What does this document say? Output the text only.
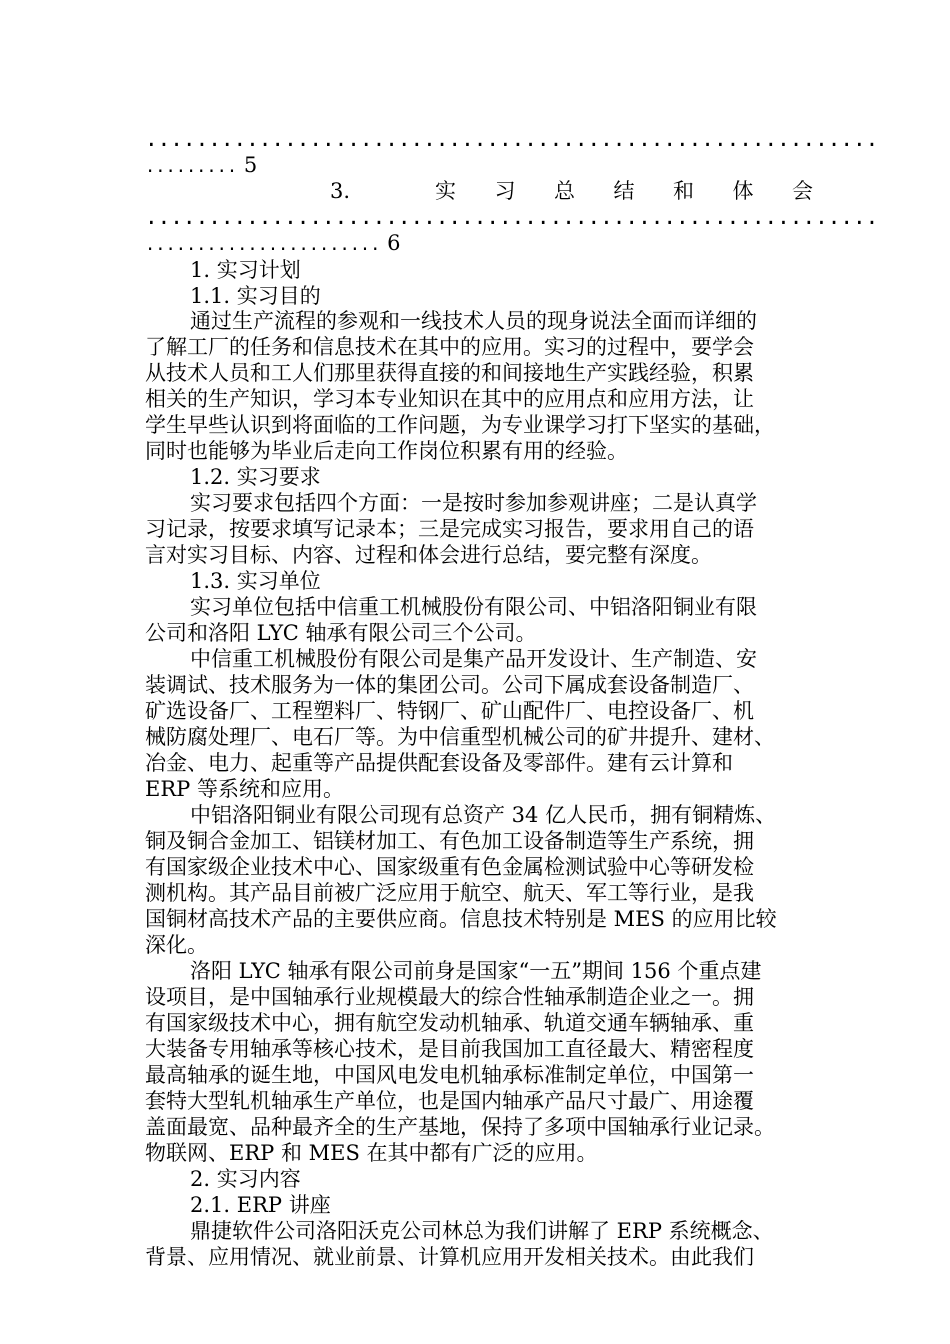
..........................................................
......... 5
3.	实 习 总 结 和 体 会
..........................................................
....................... 6
1. 实习计划
1.1. 实习目的
通过生产流程的参观和一线技术人员的现身说法全面而详细的
了解工厂的任务和信息技术在其中的应用。实习的过程中，要学会
从技术人员和工人们那里获得直接的和间接地生产实践经验，积累
相关的生产知识，学习本专业知识在其中的应用点和应用方法，让
学生早些认识到将面临的工作问题，为专业课学习打下坚实的基础，
同时也能够为毕业后走向工作岗位积累有用的经验。
1.2. 实习要求
实习要求包括四个方面：一是按时参加参观讲座；二是认真学
习记录，按要求填写记录本；三是完成实习报告，要求用自己的语
言对实习目标、内容、过程和体会进行总结，要完整有深度。
1.3. 实习单位
实习单位包括中信重工机械股份有限公司、中铝洛阳铜业有限
公司和洛阳 LYC 轴承有限公司三个公司。
中信重工机械股份有限公司是集产品开发设计、生产制造、安
装调试、技术服务为一体的集团公司。公司下属成套设备制造厂、
矿选设备厂、工程塑料厂、特钢厂、矿山配件厂、电控设备厂、机
械防腐处理厂、电石厂等。为中信重型机械公司的矿井提升、建材、
冶金、电力、起重等产品提供配套设备及零部件。建有云计算和
ERP 等系统和应用。
中铝洛阳铜业有限公司现有总资产 34 亿人民币，拥有铜精炼、
铜及铜合金加工、铝镁材加工、有色加工设备制造等生产系统，拥
有国家级企业技术中心、国家级重有色金属检测试验中心等研发检
测机构。其产品目前被广泛应用于航空、航天、军工等行业，是我
国铜材高技术产品的主要供应商。信息技术特别是 MES 的应用比较
深化。
洛阳 LYC 轴承有限公司前身是国家“一五”期间 156 个重点建
设项目，是中国轴承行业规模最大的综合性轴承制造企业之一。拥
有国家级技术中心，拥有航空发动机轴承、轨道交通车辆轴承、重
大装备专用轴承等核心技术，是目前我国加工直径最大、精密程度
最高轴承的诞生地，中国风电发电机轴承标准制定单位，中国第一
套特大型轧机轴承生产单位，也是国内轴承产品尺寸最广、用途覆
盖面最宽、品种最齐全的生产基地，保持了多项中国轴承行业记录。
物联网、ERP 和 MES 在其中都有广泛的应用。
2. 实习内容
2.1. ERP 讲座
鼎捷软件公司洛阳沃克公司林总为我们讲解了 ERP 系统概念、
背景、应用情况、就业前景、计算机应用开发相关技术。由此我们
